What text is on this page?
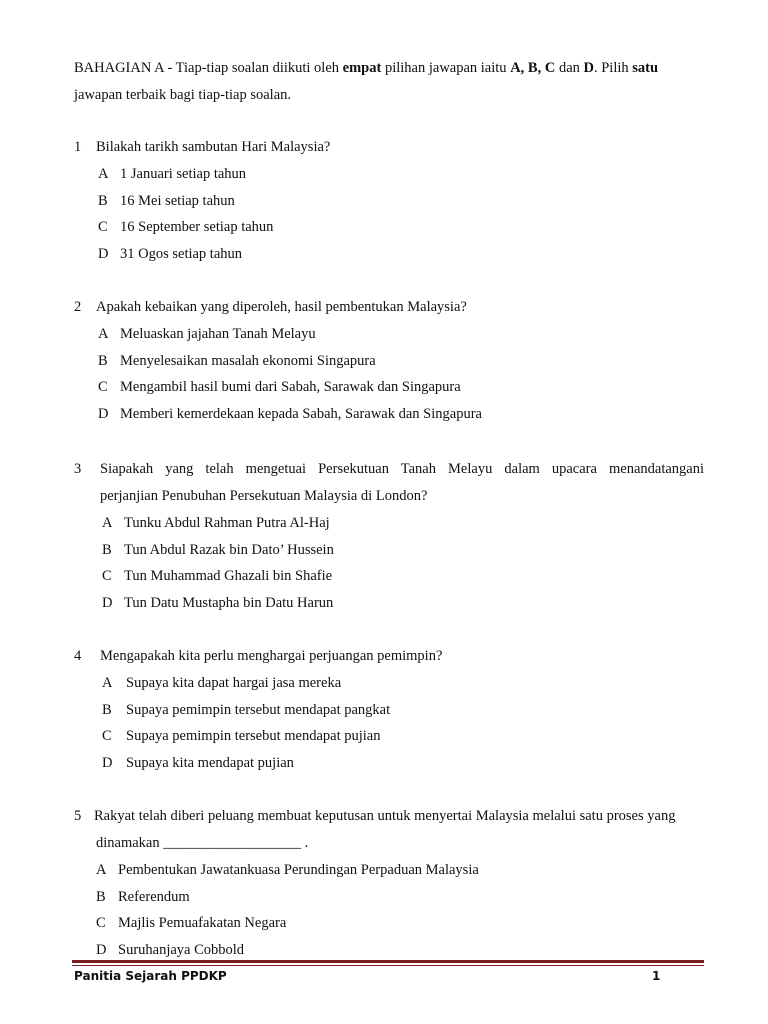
BAHAGIAN A - Tiap-tiap soalan diikuti oleh empat pilihan jawapan iaitu A, B, C dan D. Pilih satu jawapan terbaik bagi tiap-tiap soalan.
1 Bilakah tarikh sambutan Hari Malaysia?
A 1 Januari setiap tahun
B 16 Mei setiap tahun
C 16 September setiap tahun
D 31 Ogos setiap tahun
2 Apakah kebaikan yang diperoleh, hasil pembentukan Malaysia?
A Meluaskan jajahan Tanah Melayu
B Menyelesaikan masalah ekonomi Singapura
C Mengambil hasil bumi dari Sabah, Sarawak dan Singapura
D Memberi kemerdekaan kepada Sabah, Sarawak dan Singapura
3 Siapakah yang telah mengetuai Persekutuan Tanah Melayu dalam upacara menandatangani
perjanjian Penubuhan Persekutuan Malaysia di London?
A Tunku Abdul Rahman Putra Al-Haj
B Tun Abdul Razak bin Dato’ Hussein
C Tun Muhammad Ghazali bin Shafie
D Tun Datu Mustapha bin Datu Harun
4 Mengapakah kita perlu menghargai perjuangan pemimpin?
A Supaya kita dapat hargai jasa mereka
B Supaya pemimpin tersebut mendapat pangkat
C Supaya pemimpin tersebut mendapat pujian
D Supaya kita mendapat pujian
5 Rakyat telah diberi peluang membuat keputusan untuk menyertai Malaysia melalui satu proses yang
dinamakan ___________________ .
A Pembentukan Jawatankuasa Perundingan Perpaduan Malaysia
B Referendum
C Majlis Pemuafakatan Negara
D Suruhanjaya Cobbold
Panitia Sejarah PPDKP	1
